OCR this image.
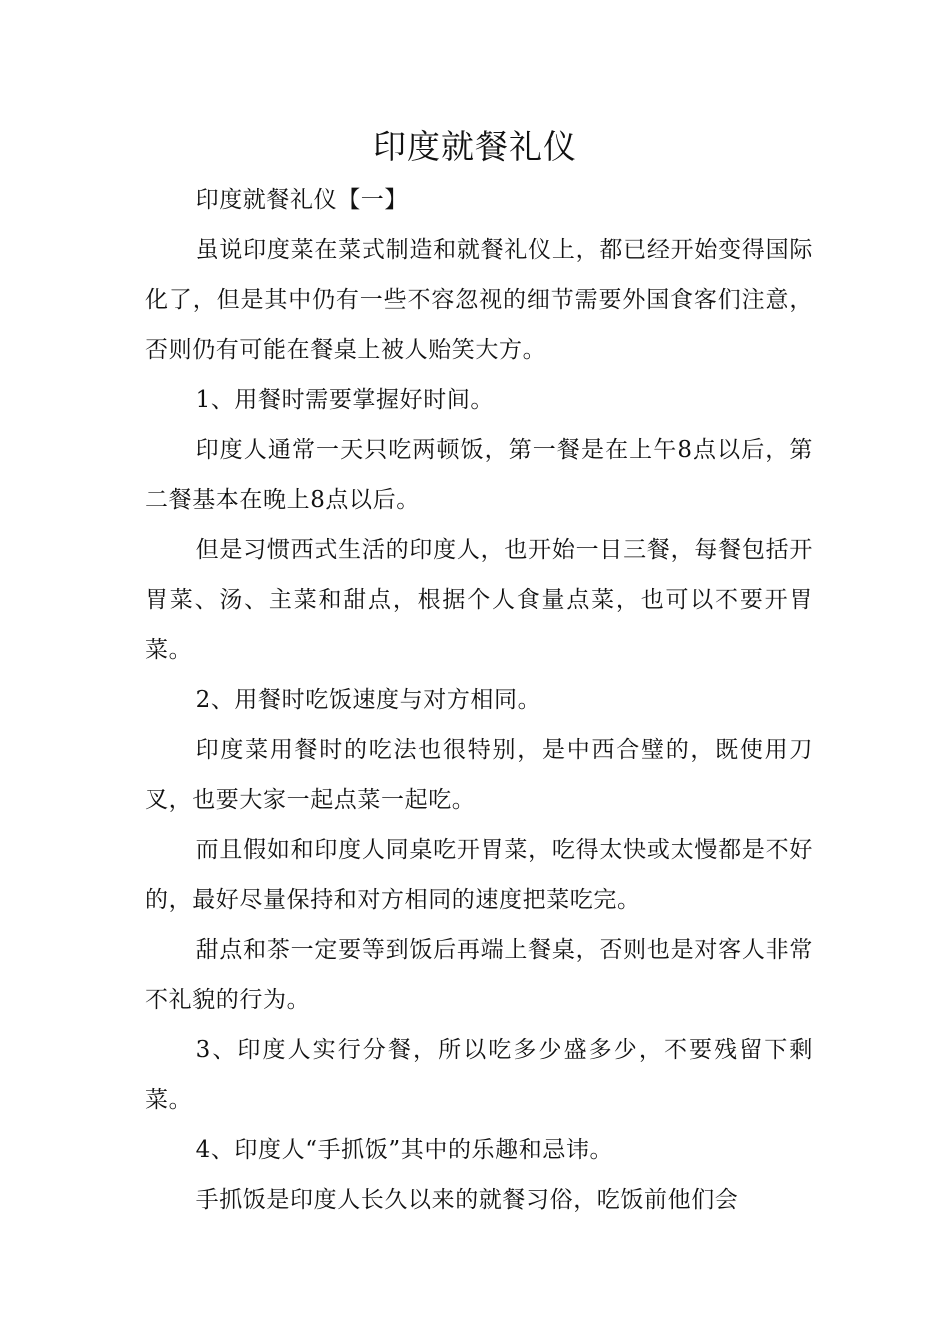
印度就餐礼仪

印度就餐礼仪【一】

虽说印度菜在菜式制造和就餐礼仪上，都已经开始变得国际化了，但是其中仍有一些不容忽视的细节需要外国食客们注意，否则仍有可能在餐桌上被人贻笑大方。

1、用餐时需要掌握好时间。

印度人通常一天只吃两顿饭，第一餐是在上午8点以后，第二餐基本在晚上8点以后。

但是习惯西式生活的印度人，也开始一日三餐，每餐包括开胃菜、汤、主菜和甜点，根据个人食量点菜，也可以不要开胃菜。

2、用餐时吃饭速度与对方相同。

印度菜用餐时的吃法也很特别，是中西合璧的，既使用刀叉，也要大家一起点菜一起吃。

而且假如和印度人同桌吃开胃菜，吃得太快或太慢都是不好的，最好尽量保持和对方相同的速度把菜吃完。

甜点和茶一定要等到饭后再端上餐桌，否则也是对客人非常不礼貌的行为。

3、印度人实行分餐，所以吃多少盛多少，不要残留下剩菜。

4、印度人“手抓饭”其中的乐趣和忌讳。

手抓饭是印度人长久以来的就餐习俗，吃饭前他们会
